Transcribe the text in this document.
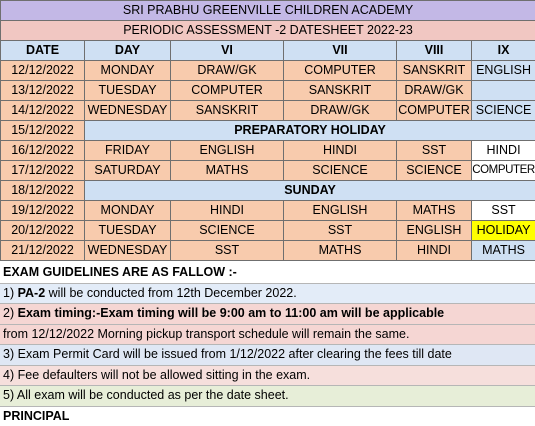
SRI PRABHU GREENVILLE CHILDREN ACADEMY					
PERIODIC ASSESSMENT -2 DATESHEET 2022-23					
DATE	DAY	VI	VII	VIII	IX
12/12/2022	MONDAY	DRAW/GK	COMPUTER	SANSKRIT	ENGLISH
13/12/2022	TUESDAY	COMPUTER	SANSKRIT	DRAW/GK	
14/12/2022	WEDNESDAY	SANSKRIT	DRAW/GK	COMPUTER	SCIENCE
15/12/2022	PREPARATORY HOLIDAY				
16/12/2022	FRIDAY	ENGLISH	HINDI	SST	HINDI
17/12/2022	SATURDAY	MATHS	SCIENCE	SCIENCE	COMPUTER
18/12/2022	SUNDAY				
19/12/2022	MONDAY	HINDI	ENGLISH	MATHS	SST
20/12/2022	TUESDAY	SCIENCE	SST	ENGLISH	HOLIDAY
21/12/2022	WEDNESDAY	SST	MATHS	HINDI	MATHS
EXAM GUIDELINES ARE AS FALLOW :-
1) PA-2 will be conducted from 12th December 2022.
2) Exam timing:-Exam timing will be 9:00 am to 11:00 am will be applicable
from 12/12/2022 Morning pickup transport schedule will remain the same.
3) Exam Permit Card will be issued from 1/12/2022 after clearing the fees till date
4) Fee defaulters will not be allowed sitting in the exam.
5) All exam will be conducted as per the date sheet.
PRINCIPAL
